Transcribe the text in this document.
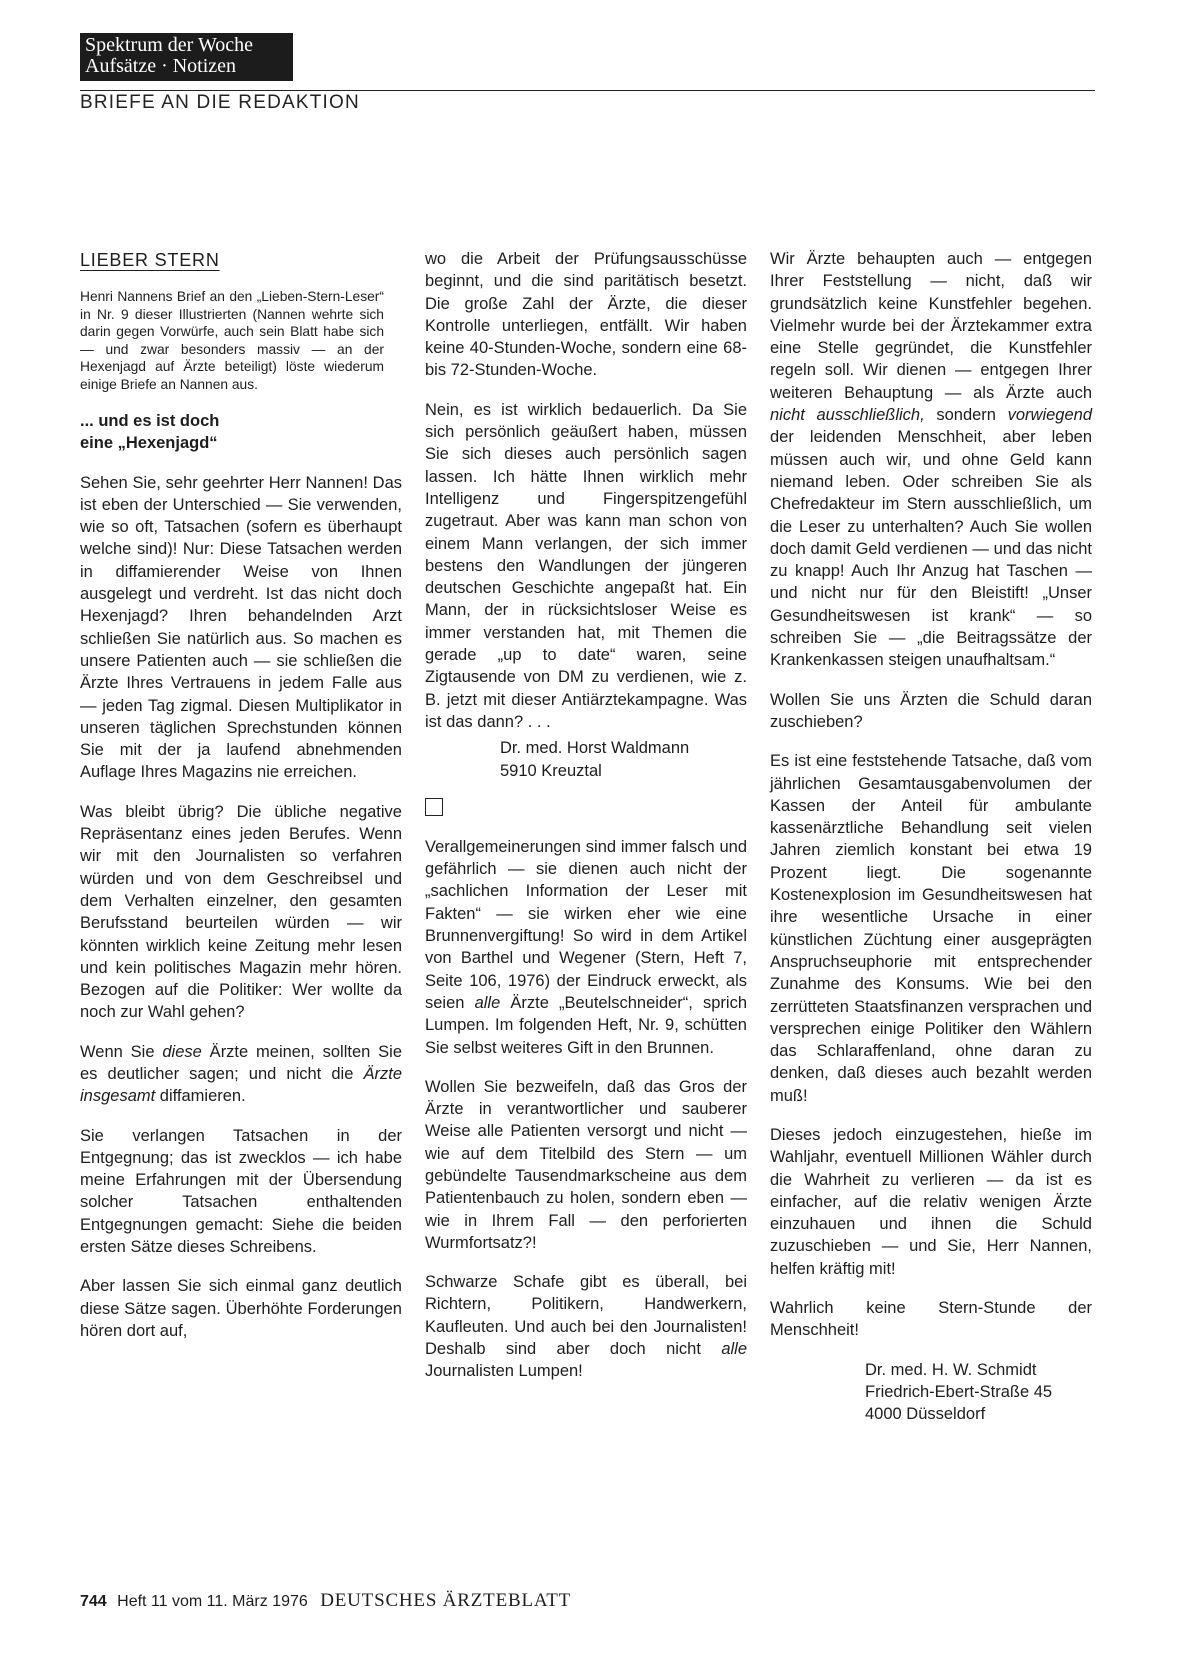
Spektrum der Woche
Aufsätze · Notizen
BRIEFE AN DIE REDAKTION
LIEBER STERN

Henri Nannens Brief an den „Lieben-Stern-Leser“ in Nr. 9 dieser Illustrierten (Nannen wehrte sich darin gegen Vorwürfe, auch sein Blatt habe sich — und zwar besonders massiv — an der Hexenjagd auf Ärzte beteiligt) löste wiederum einige Briefe an Nannen aus.

... und es ist doch
eine „Hexenjagd“

Sehen Sie, sehr geehrter Herr Nannen! Das ist eben der Unterschied — Sie verwenden, wie so oft, Tatsachen (sofern es überhaupt welche sind)! Nur: Diese Tatsachen werden in diffamierender Weise von Ihnen ausgelegt und verdreht. Ist das nicht doch Hexenjagd? Ihren behandelnden Arzt schließen Sie natürlich aus. So machen es unsere Patienten auch — sie schließen die Ärzte Ihres Vertrauens in jedem Falle aus — jeden Tag zigmal. Diesen Multiplikator in unseren täglichen Sprechstunden können Sie mit der ja laufend abnehmenden Auflage Ihres Magazins nie erreichen.

Was bleibt übrig? Die übliche negative Repräsentanz eines jeden Berufes. Wenn wir mit den Journalisten so verfahren würden und von dem Geschreibsel und dem Verhalten einzelner, den gesamten Berufsstand beurteilen würden — wir könnten wirklich keine Zeitung mehr lesen und kein politisches Magazin mehr hören. Bezogen auf die Politiker: Wer wollte da noch zur Wahl gehen?

Wenn Sie diese Ärzte meinen, sollten Sie es deutlicher sagen; und nicht die Ärzte insgesamt diffamieren.

Sie verlangen Tatsachen in der Entgegnung; das ist zwecklos — ich habe meine Erfahrungen mit der Übersendung solcher Tatsachen enthaltenden Entgegnungen gemacht: Siehe die beiden ersten Sätze dieses Schreibens.

Aber lassen Sie sich einmal ganz deutlich diese Sätze sagen. Überhöhte Forderungen hören dort auf,

wo die Arbeit der Prüfungsausschüsse beginnt, und die sind paritätisch besetzt. Die große Zahl der Ärzte, die dieser Kontrolle unterliegen, entfällt. Wir haben keine 40-Stunden-Woche, sondern eine 68-bis 72-Stunden-Woche.

Nein, es ist wirklich bedauerlich. Da Sie sich persönlich geäußert haben, müssen Sie sich dieses auch persönlich sagen lassen. Ich hätte Ihnen wirklich mehr Intelligenz und Fingerspitzengefühl zugetraut. Aber was kann man schon von einem Mann verlangen, der sich immer bestens den Wandlungen der jüngeren deutschen Geschichte angepaßt hat. Ein Mann, der in rücksichtsloser Weise es immer verstanden hat, mit Themen die gerade „up to date“ waren, seine Zigtausende von DM zu verdienen, wie z. B. jetzt mit dieser Antiärztekampagne. Was ist das dann? . . .

Dr. med. Horst Waldmann
5910 Kreuztal

Verallgemeinerungen sind immer falsch und gefährlich — sie dienen auch nicht der „sachlichen Information der Leser mit Fakten“ — sie wirken eher wie eine Brunnenvergiftung! So wird in dem Artikel von Barthel und Wegener (Stern, Heft 7, Seite 106, 1976) der Eindruck erweckt, als seien alle Ärzte „Beutelschneider“, sprich Lumpen. Im folgenden Heft, Nr. 9, schütten Sie selbst weiteres Gift in den Brunnen.

Wollen Sie bezweifeln, daß das Gros der Ärzte in verantwortlicher und sauberer Weise alle Patienten versorgt und nicht — wie auf dem Titelbild des Stern — um gebündelte Tausendmarkscheine aus dem Patientenbauch zu holen, sondern eben — wie in Ihrem Fall — den perforierten Wurmfortsatz?!

Schwarze Schafe gibt es überall, bei Richtern, Politikern, Handwerkern, Kaufleuten. Und auch bei den Journalisten! Deshalb sind aber doch nicht alle Journalisten Lumpen!

Wir Ärzte behaupten auch — entgegen Ihrer Feststellung — nicht, daß wir grundsätzlich keine Kunstfehler begehen. Vielmehr wurde bei der Ärztekammer extra eine Stelle gegründet, die Kunstfehler regeln soll. Wir dienen — entgegen Ihrer weiteren Behauptung — als Ärzte auch nicht ausschließlich, sondern vorwiegend der leidenden Menschheit, aber leben müssen auch wir, und ohne Geld kann niemand leben. Oder schreiben Sie als Chefredakteur im Stern ausschließlich, um die Leser zu unterhalten? Auch Sie wollen doch damit Geld verdienen — und das nicht zu knapp! Auch Ihr Anzug hat Taschen — und nicht nur für den Bleistift! „Unser Gesundheitswesen ist krank“ — so schreiben Sie — „die Beitragssätze der Krankenkassen steigen unaufhaltsam.“

Wollen Sie uns Ärzten die Schuld daran zuschieben?

Es ist eine feststehende Tatsache, daß vom jährlichen Gesamtausgabenvolumen der Kassen der Anteil für ambulante kassenärztliche Behandlung seit vielen Jahren ziemlich konstant bei etwa 19 Prozent liegt. Die sogenannte Kostenexplosion im Gesundheitswesen hat ihre wesentliche Ursache in einer künstlichen Züchtung einer ausgeprägten Anspruchseuphorie mit entsprechender Zunahme des Konsums. Wie bei den zerrütteten Staatsfinanzen versprachen und versprechen einige Politiker den Wählern das Schlaraffenland, ohne daran zu denken, daß dieses auch bezahlt werden muß!

Dieses jedoch einzugestehen, hieße im Wahljahr, eventuell Millionen Wähler durch die Wahrheit zu verlieren — da ist es einfacher, auf die relativ wenigen Ärzte einzuhauen und ihnen die Schuld zuzuschieben — und Sie, Herr Nannen, helfen kräftig mit!

Wahrlich keine Stern-Stunde der Menschheit!

Dr. med. H. W. Schmidt
Friedrich-Ebert-Straße 45
4000 Düsseldorf
744 Heft 11 vom 11. März 1976 DEUTSCHES ÄRZTEBLATT
